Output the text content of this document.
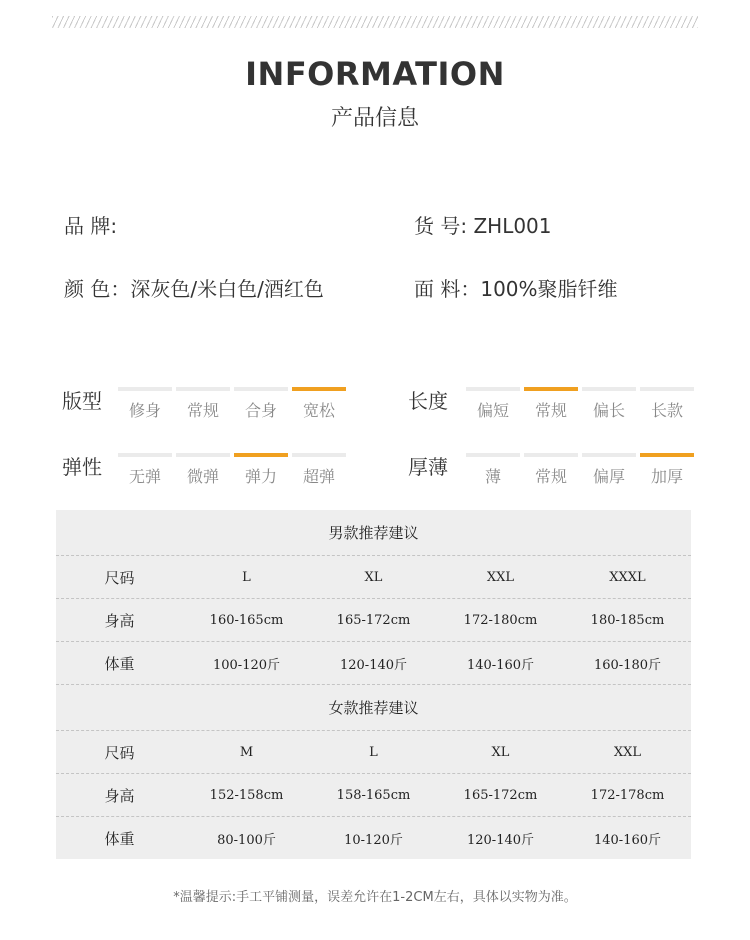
INFORMATION
产品信息
品 牌:	货 号: ZHL001
颜 色：深灰色/米白色/酒红色	面 料：100%聚脂钎维
版型	修身	常规	合身	宽松	长度	偏短	常规	偏长	长款
弹性	无弹	微弹	弹力	超弹	厚薄	薄	常规	偏厚	加厚
男款推荐建议
尺码	L	XL	XXL	XXXL
身高	160-165cm	165-172cm	172-180cm	180-185cm
体重	100-120斤	120-140斤	140-160斤	160-180斤
女款推荐建议
尺码	M	L	XL	XXL
身高	152-158cm	158-165cm	165-172cm	172-178cm
体重	80-100斤	10-120斤	120-140斤	140-160斤
*温馨提示:手工平铺测量，误差允许在1-2CM左右，具体以实物为准。
